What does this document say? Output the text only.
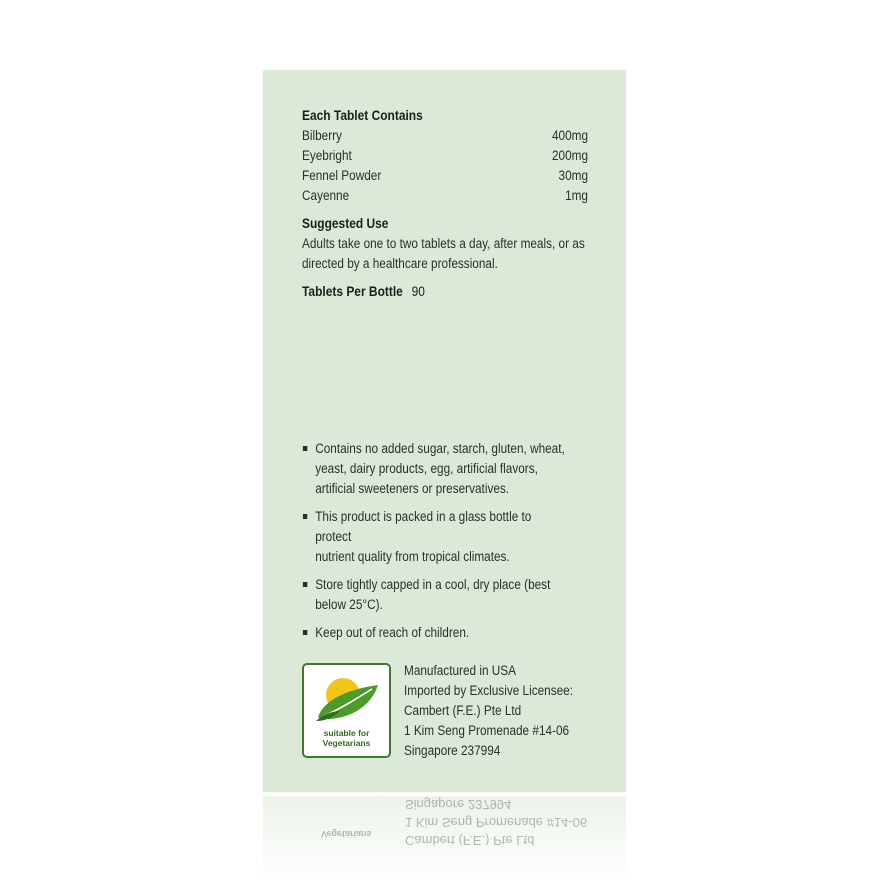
Each Tablet Contains
Bilberry	400mg
Eyebright	200mg
Fennel Powder	30mg
Cayenne	1mg
Suggested Use
Adults take one to two tablets a day, after meals, or as
directed by a healthcare professional.
Tablets Per Bottle 90
Contains no added sugar, starch, gluten, wheat,
yeast, dairy products, egg, artificial flavors,
artificial sweeteners or preservatives.
This product is packed in a glass bottle to protect
nutrient quality from tropical climates.
Store tightly capped in a cool, dry place (best
below 25°C).
Keep out of reach of children.
suitable for
Vegetarians
Manufactured in USA
Imported by Exclusive Licensee:
Cambert (F.E.) Pte Ltd
1 Kim Seng Promenade #14-06
Singapore 237994
Singapore 237994
1 Kim Seng Promenade #14-06
Cambert (F.E.) Pte Ltd
Vegetarians
